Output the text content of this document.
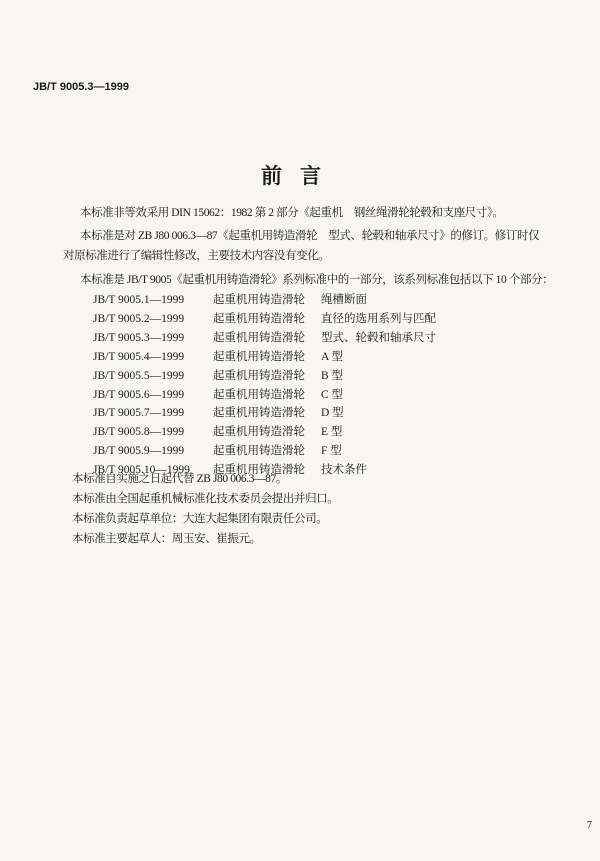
JB/T 9005.3—1999
前言
本标准非等效采用 DIN 15062：1982 第 2 部分《起重机　钢丝绳滑轮轮毂和支座尺寸》。
本标准是对 ZB J80 006.3—87《起重机用铸造滑轮　型式、轮毂和轴承尺寸》的修订。修订时仅
对原标准进行了编辑性修改，主要技术内容没有变化。
本标准是 JB/T 9005《起重机用铸造滑轮》系列标准中的一部分，该系列标准包括以下 10 个部分：
JB/T 9005.1—1999	起重机用铸造滑轮	绳槽断面
JB/T 9005.2—1999	起重机用铸造滑轮	直径的选用系列与匹配
JB/T 9005.3—1999	起重机用铸造滑轮	型式、轮毂和轴承尺寸
JB/T 9005.4—1999	起重机用铸造滑轮	A 型
JB/T 9005.5—1999	起重机用铸造滑轮	B 型
JB/T 9005.6—1999	起重机用铸造滑轮	C 型
JB/T 9005.7—1999	起重机用铸造滑轮	D 型
JB/T 9005.8—1999	起重机用铸造滑轮	E 型
JB/T 9005.9—1999	起重机用铸造滑轮	F 型
JB/T 9005.10—1999	起重机用铸造滑轮	技术条件
本标准自实施之日起代替 ZB J80 006.3—87。
本标准由全国起重机械标准化技术委员会提出并归口。
本标准负责起草单位：大连大起集团有限责任公司。
本标准主要起草人：周玉安、崔振元。
7
